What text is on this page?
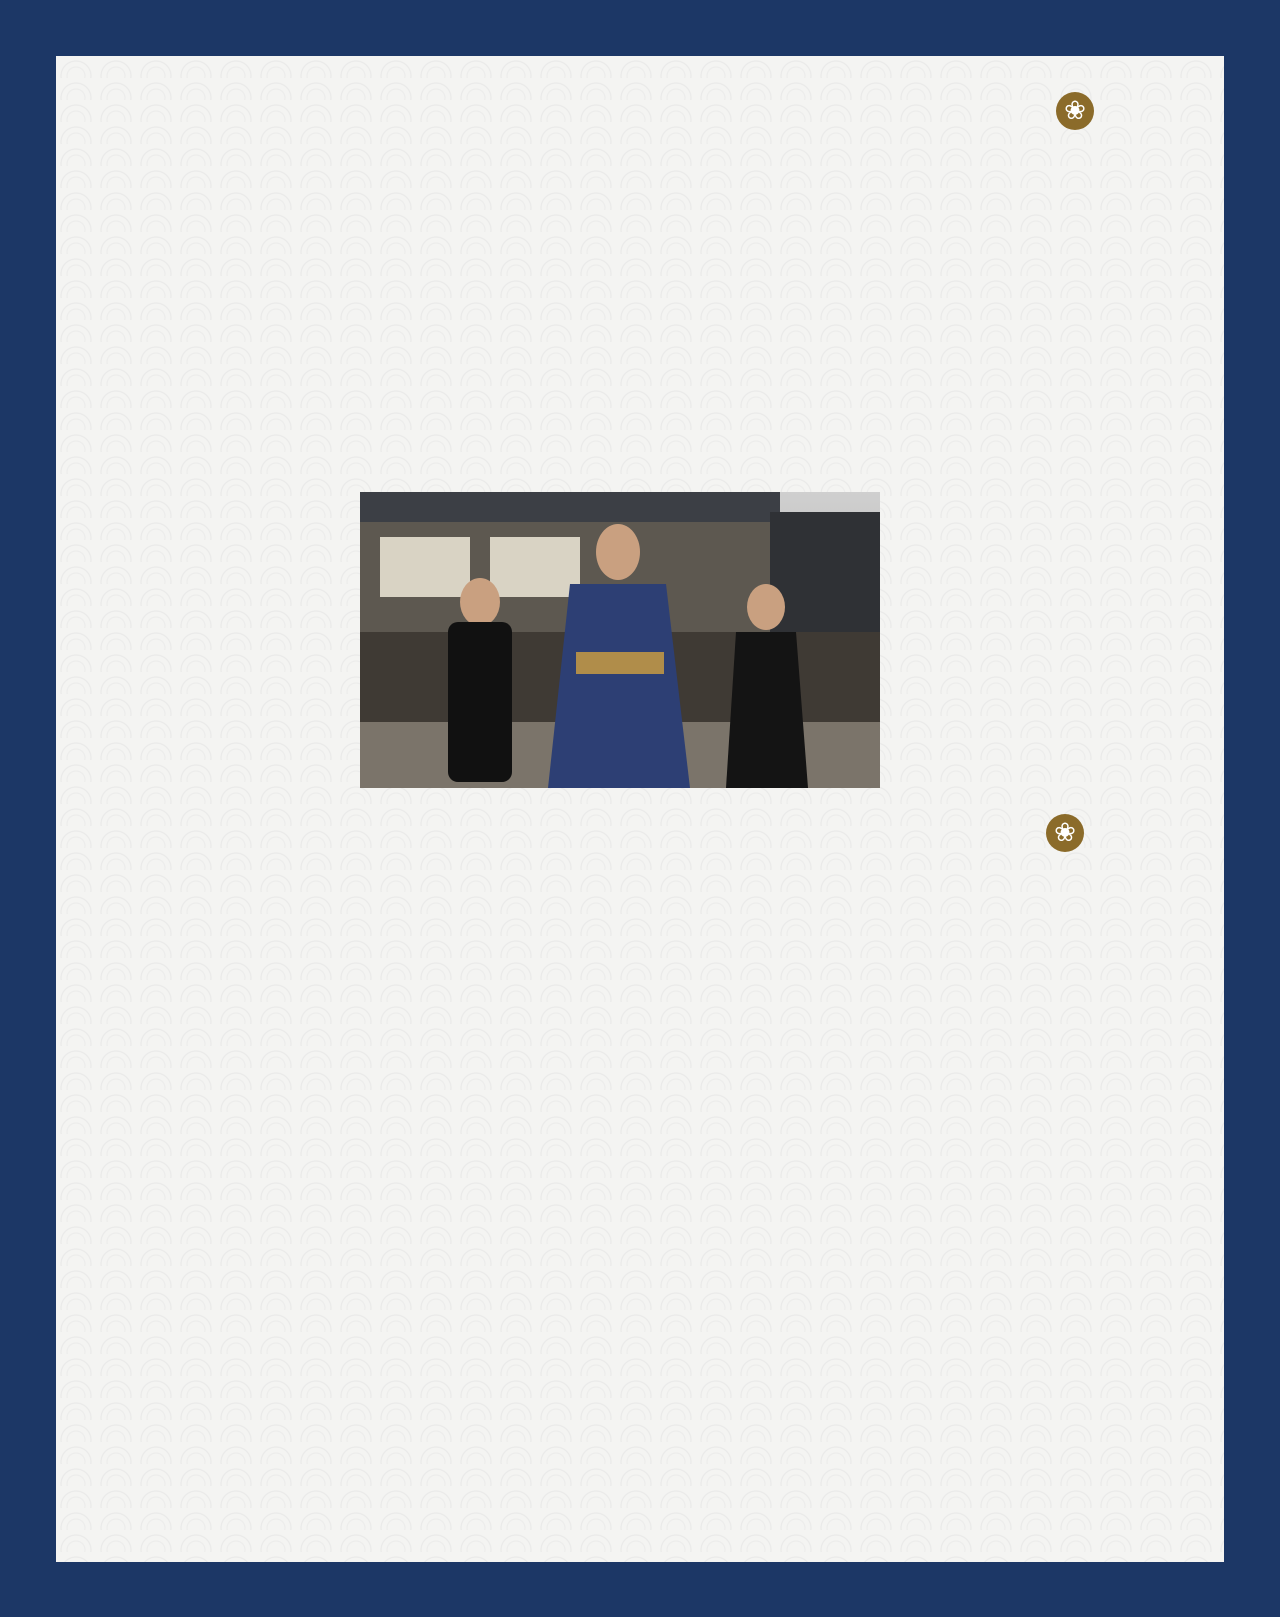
❀
❀
